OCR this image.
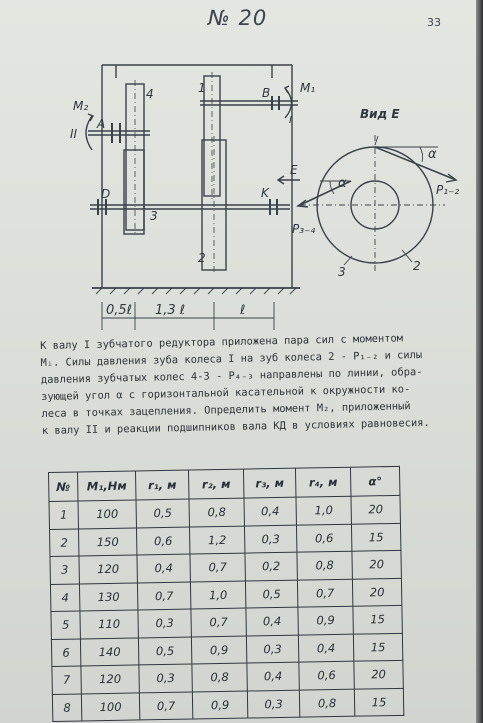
№ 20	33
M₂
M₁
II
I
A
B
D	K
E
4	1
3
2
Вид E
α
α	P₁₋₂
P₃₋₄
3	2
0,5ℓ 1,3 ℓ	ℓ
К валу I зубчатого редуктора приложена пара сил с моментом
Mᵢ. Силы давления зуба колеса I на зуб колеса 2 - P₁₋₂ и силы
давления зубчатых колес 4-3 - P₄₋₃ направлены по линии, обра-
зующей угол α с горизонтальной касательной к окружности ко-
леса в точках зацепления. Определить момент M₂, приложенный
к валу II и реакции подшипников вала КД в условиях равновесия.
№	M₁,Нм	r₁, м	r₂, м	r₃, м	r₄, м	α°
1	100	0,5	0,8	0,4	1,0	20
2	150	0,6	1,2	0,3	0,6	15
3	120	0,4	0,7	0,2	0,8	20
4	130	0,7	1,0	0,5	0,7	20
5	110	0,3	0,7	0,4	0,9	15
6	140	0,5	0,9	0,3	0,4	15
7	120	0,3	0,8	0,4	0,6	20
8	100	0,7	0,9	0,3	0,8	15
